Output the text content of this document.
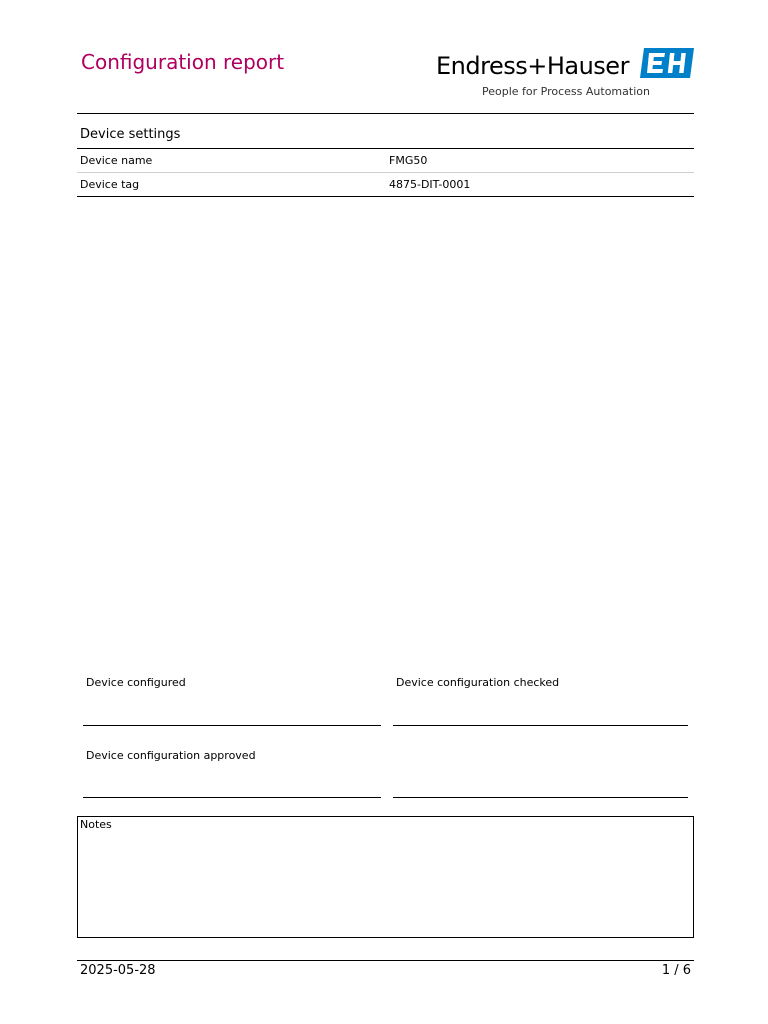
Configuration report	Endress+Hauser
People for Process Automation
Device settings
Device name	FMG50
Device tag	4875-DIT-0001
Device configured	Device configuration checked
Device configuration approved
Notes
2025-05-28	1 / 6
